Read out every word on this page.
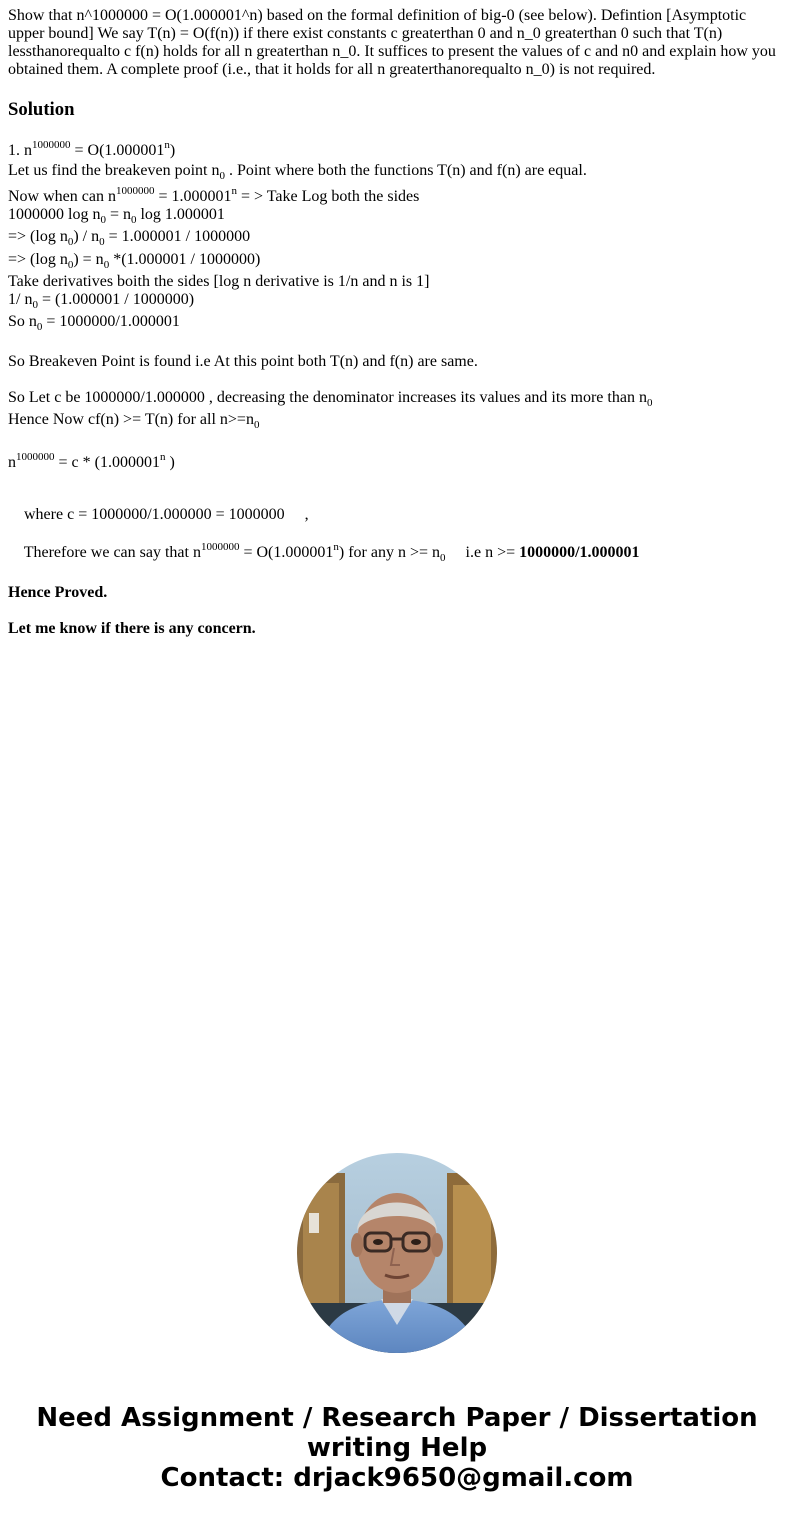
Show that n^1000000 = O(1.000001^n) based on the formal definition of big-0 (see below). Defintion [Asymptotic upper bound] We say T(n) = O(f(n)) if there exist constants c greaterthan 0 and n_0 greaterthan 0 such that T(n) lessthanorequalto c f(n) holds for all n greaterthan n_0. It suffices to present the values of c and n0 and explain how you obtained them. A complete proof (i.e., that it holds for all n greaterthanorequalto n_0) is not required.

Solution
1. $n^{1000000} = O(1.000001^n)$
Let us find the breakeven point $n_0$ . Point where both the functions T(n) and f(n) are equal.
Now when can $n^{1000000} = 1.000001^n$ = > Take Log both the sides
1000000 $\log n_0 = n_0$ log 1.000001
=> (log $n_0) / n_0 = 1.000001 / 1000000$
=> (log $n_0) = n_0$ *(1.000001 / 1000000)
Take derivatives boith the sides [log n derivative is 1/n and n is 1]
1/ $n_0 = (1.000001 / 1000000)$
So $n_0 = 1000000/1.000001$
So Breakeven Point is found i.e At this point both T(n) and f(n) are same.
So Let c be 1000000/1.000000 , decreasing the denominator increases its values and its more than $n_0$
Hence Now cf(n) >= T(n) for all $n>=n_0$
$n^{1000000} = c * (1.000001^n$ )

where c = 1000000/1.000000 = 1000000     ,

Therefore we can say that $n^{1000000} = O(1.000001^n)$ for any $n >= n_0$     i.e n >= 1000000/1.000001

Hence Proved.
Let me know if there is any concern.
Need Assignment / Research Paper / Dissertation
writing Help
Contact: drjack9650@gmail.com
